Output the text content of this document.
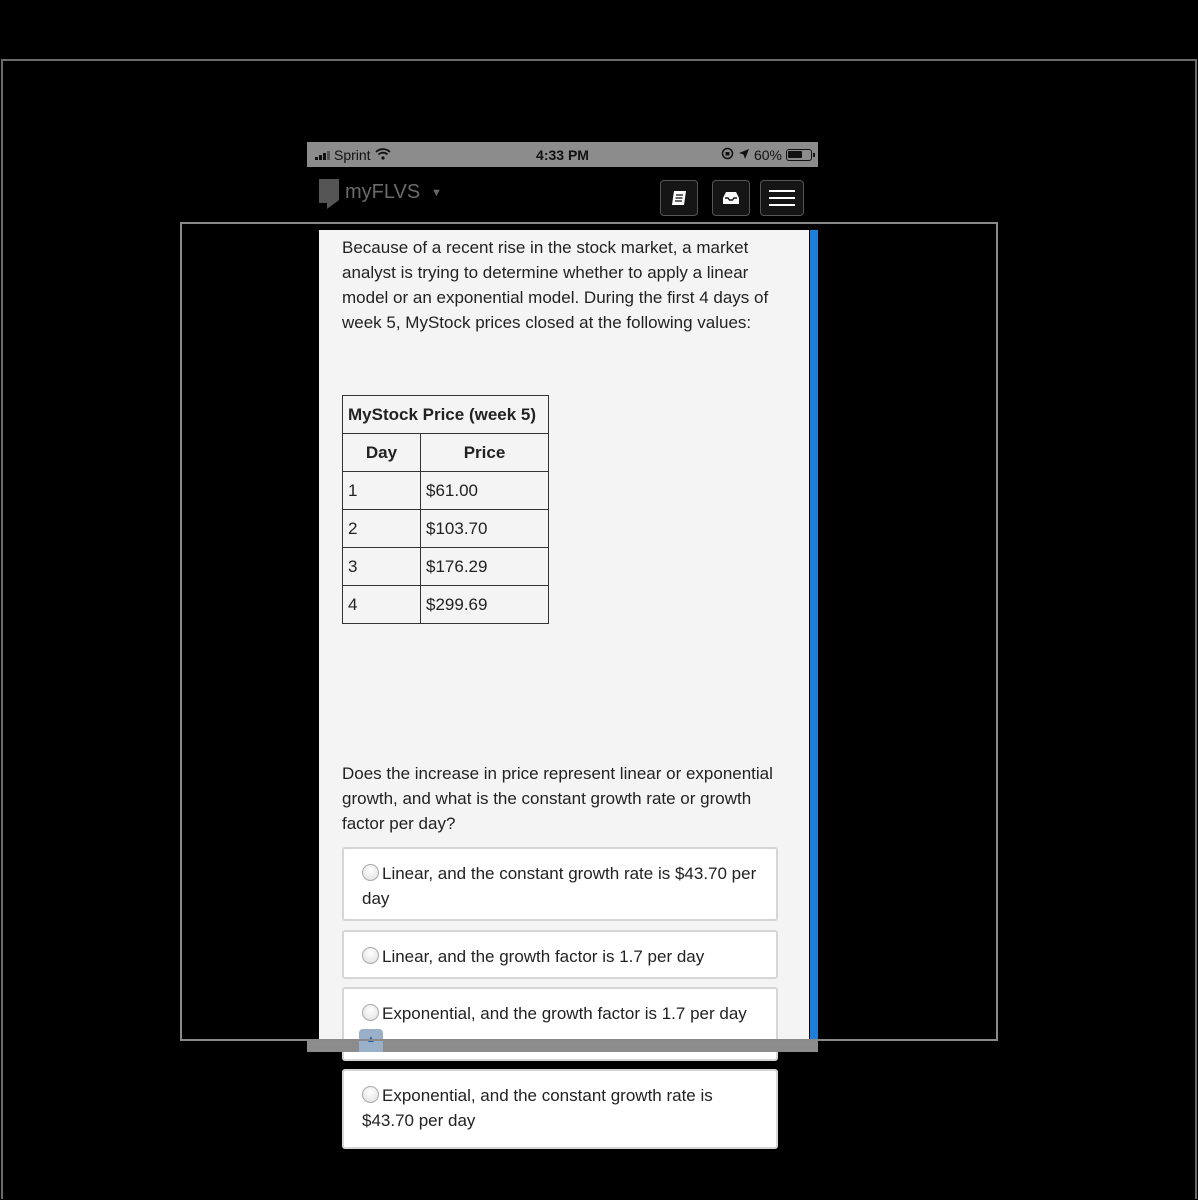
Sprint	4:33 PM	60%
myFLVS ▼

Because of a recent rise in the stock market, a market analyst is trying to determine whether to apply a linear model or an exponential model. During the first 4 days of week 5, MyStock prices closed at the following values:

MyStock Price (week 5)	
Day	Price
1	$61.00
2	$103.70
3	$176.29
4	$299.69

Does the increase in price represent linear or exponential growth, and what is the constant growth rate or growth factor per day?

Linear, and the constant growth rate is $43.70 per day
Linear, and the growth factor is 1.7 per day
Exponential, and the growth factor is 1.7 per day
Exponential, and the constant growth rate is $43.70 per day
▲
